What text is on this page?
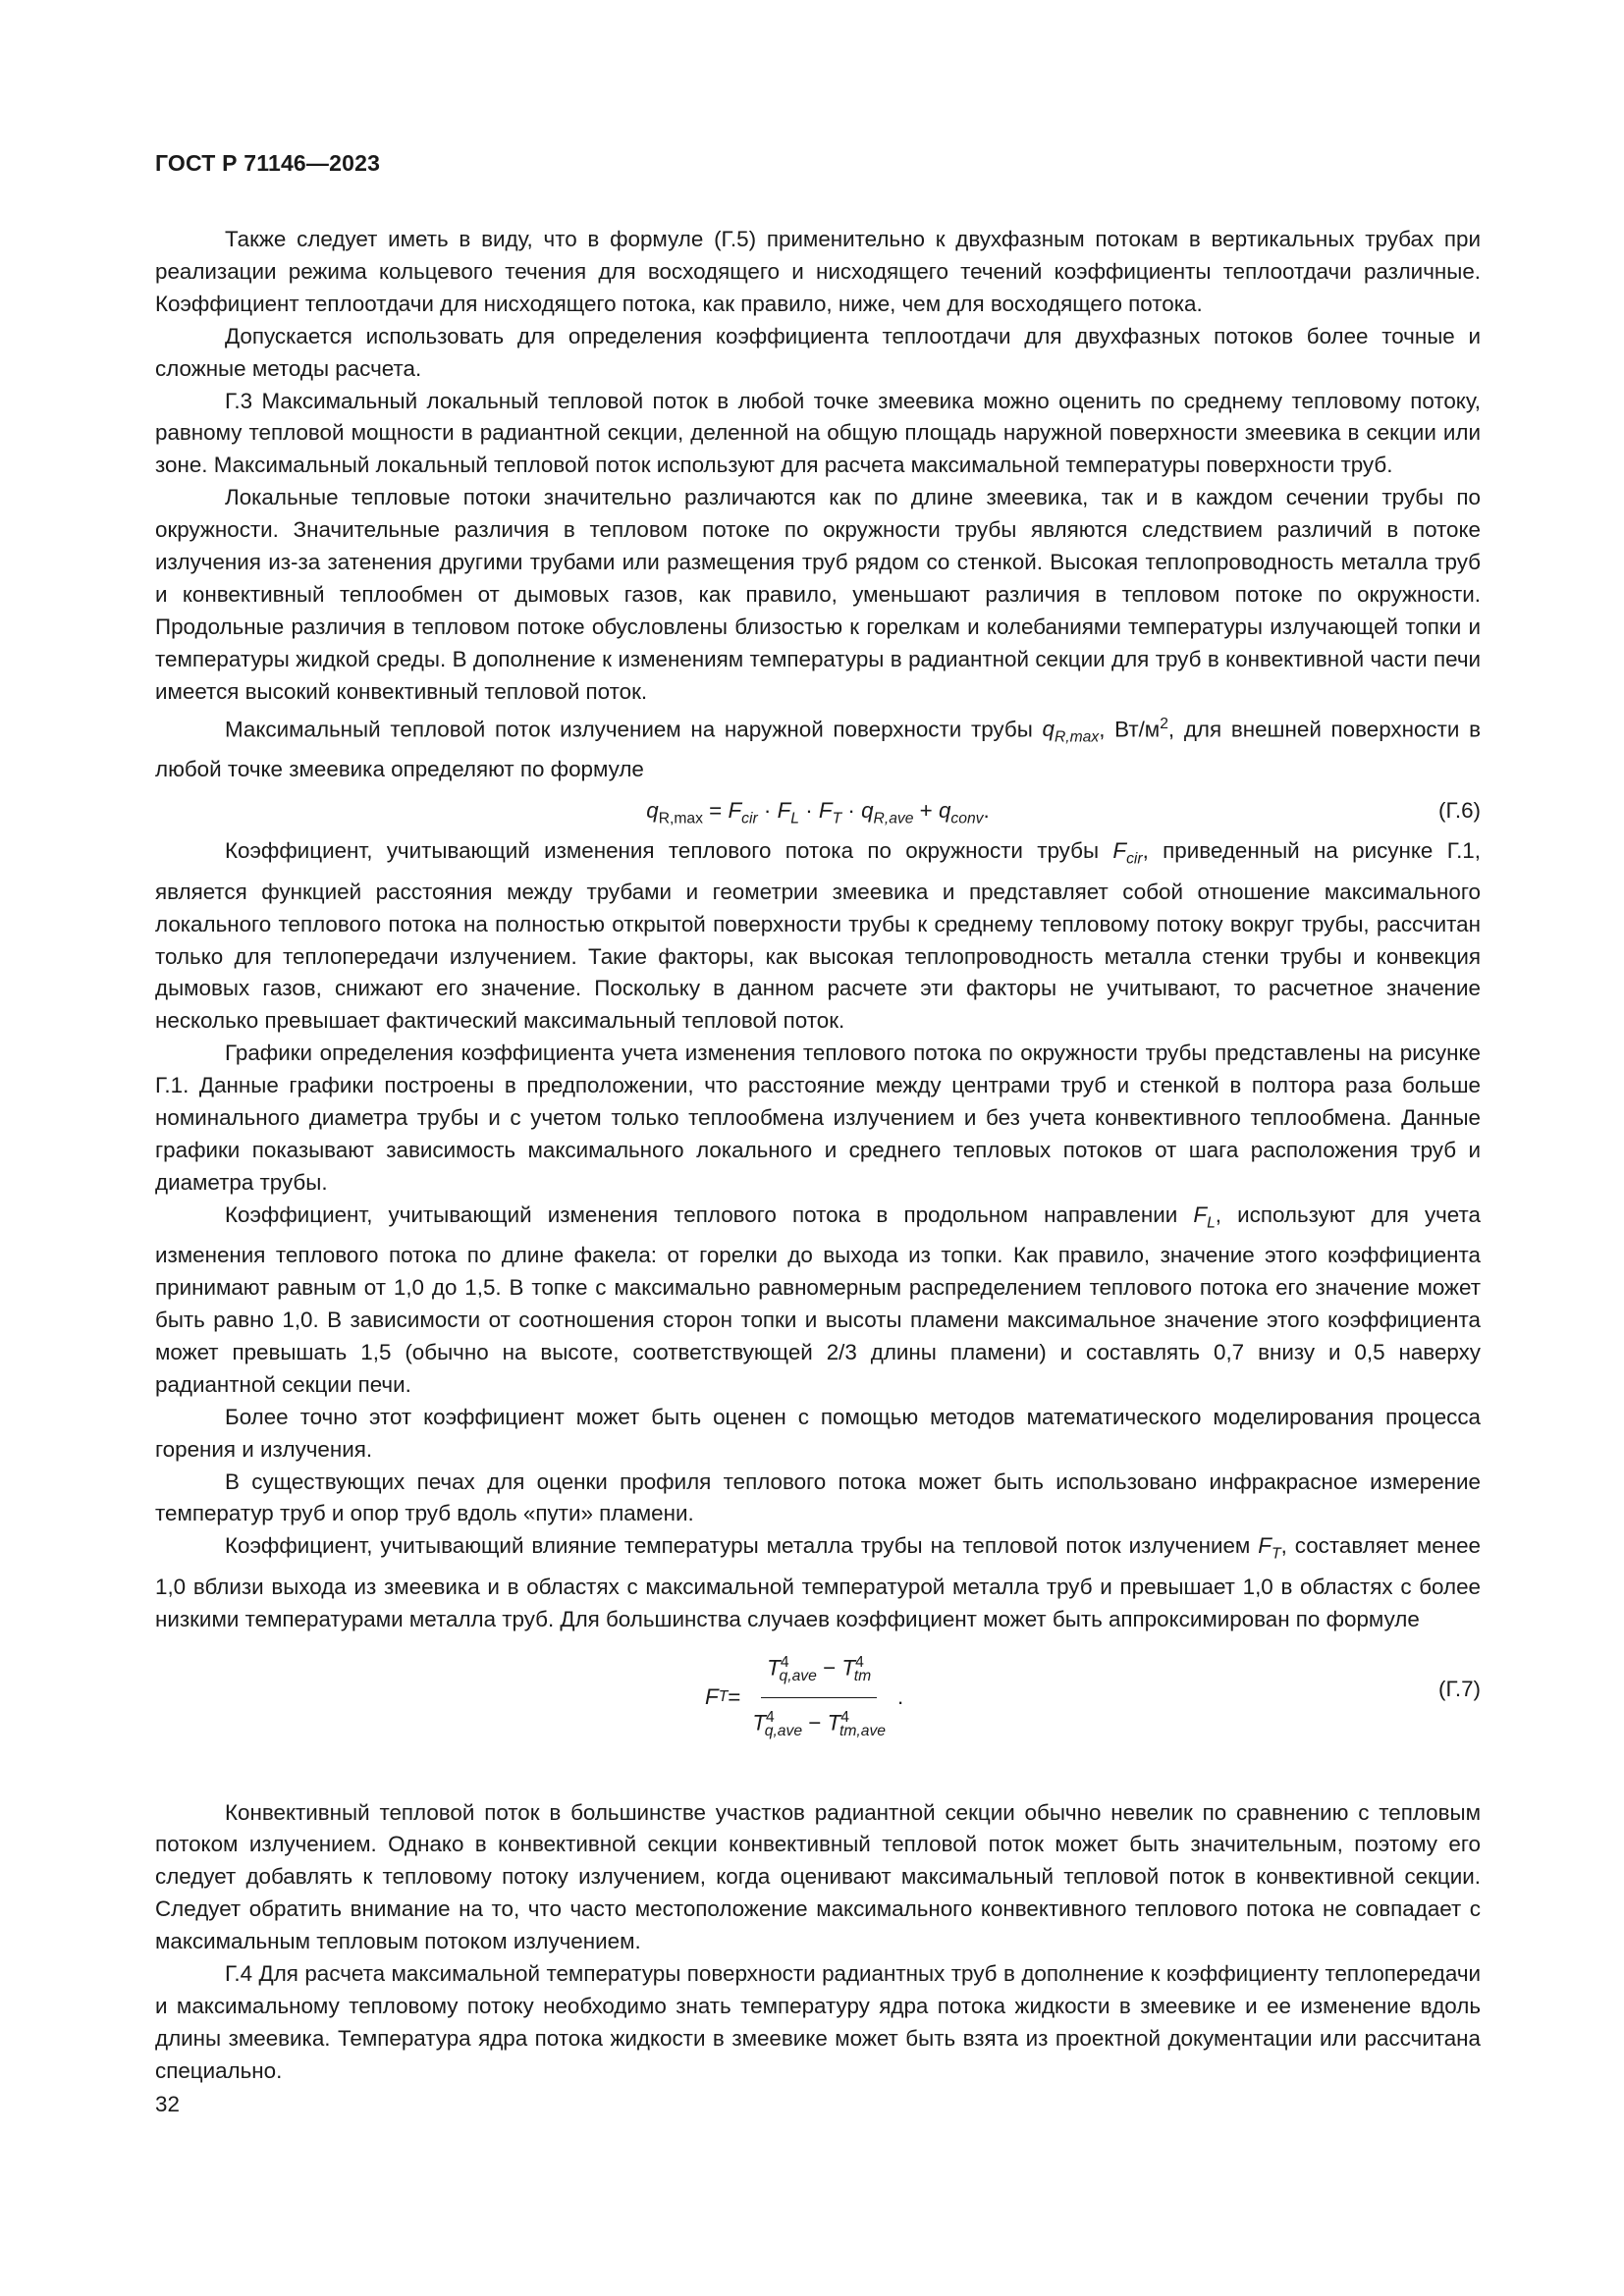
ГОСТ Р 71146—2023

Также следует иметь в виду, что в формуле (Г.5) применительно к двухфазным потокам в вертикальных трубах при реализации режима кольцевого течения для восходящего и нисходящего течений коэффициенты теплоотдачи различные. Коэффициент теплоотдачи для нисходящего потока, как правило, ниже, чем для восходящего потока.

Допускается использовать для определения коэффициента теплоотдачи для двухфазных потоков более точные и сложные методы расчета.

Г.3 Максимальный локальный тепловой поток в любой точке змеевика можно оценить по среднему тепловому потоку, равному тепловой мощности в радиантной секции, деленной на общую площадь наружной поверхности змеевика в секции или зоне. Максимальный локальный тепловой поток используют для расчета максимальной температуры поверхности труб.

Локальные тепловые потоки значительно различаются как по длине змеевика, так и в каждом сечении трубы по окружности. Значительные различия в тепловом потоке по окружности трубы являются следствием различий в потоке излучения из-за затенения другими трубами или размещения труб рядом со стенкой. Высокая теплопроводность металла труб и конвективный теплообмен от дымовых газов, как правило, уменьшают различия в тепловом потоке по окружности. Продольные различия в тепловом потоке обусловлены близостью к горелкам и колебаниями температуры излучающей топки и температуры жидкой среды. В дополнение к изменениям температуры в радиантной секции для труб в конвективной части печи имеется высокий конвективный тепловой поток.

Максимальный тепловой поток излучением на наружной поверхности трубы $q_{R,max}$, $Вт/м^2$, для внешней поверхности в любой точке змеевика определяют по формуле

$q_{R,max} = F_{cir} \cdot F_L \cdot F_T \cdot q_{R,ave} + q_{conv}$.	(Г.6)

Коэффициент, учитывающий изменения теплового потока по окружности трубы $F_{cir}$, приведенный на рисунке Г.1, является функцией расстояния между трубами и геометрии змеевика и представляет собой отношение максимального локального теплового потока на полностью открытой поверхности трубы к среднему тепловому потоку вокруг трубы, рассчитан только для теплопередачи излучением. Такие факторы, как высокая теплопроводность металла стенки трубы и конвекция дымовых газов, снижают его значение. Поскольку в данном расчете эти факторы не учитывают, то расчетное значение несколько превышает фактический максимальный тепловой поток.

Графики определения коэффициента учета изменения теплового потока по окружности трубы представлены на рисунке Г.1. Данные графики построены в предположении, что расстояние между центрами труб и стенкой в полтора раза больше номинального диаметра трубы и с учетом только теплообмена излучением и без учета конвективного теплообмена. Данные графики показывают зависимость максимального локального и среднего тепловых потоков от шага расположения труб и диаметра трубы.

Коэффициент, учитывающий изменения теплового потока в продольном направлении $F_L$, используют для учета изменения теплового потока по длине факела: от горелки до выхода из топки. Как правило, значение этого коэффициента принимают равным от 1,0 до 1,5. В топке с максимально равномерным распределением теплового потока его значение может быть равно 1,0. В зависимости от соотношения сторон топки и высоты пламени максимальное значение этого коэффициента может превышать 1,5 (обычно на высоте, соответствующей 2/3 длины пламени) и составлять 0,7 внизу и 0,5 наверху радиантной секции печи.

Более точно этот коэффициент может быть оценен с помощью методов математического моделирования процесса горения и излучения.

В существующих печах для оценки профиля теплового потока может быть использовано инфракрасное измерение температур труб и опор труб вдоль «пути» пламени.

Коэффициент, учитывающий влияние температуры металла трубы на тепловой поток излучением $F_T$, составляет менее 1,0 вблизи выхода из змеевика и в областях с максимальной температурой металла труб и превышает 1,0 в областях с более низкими температурами металла труб. Для большинства случаев коэффициент может быть аппроксимирован по формуле

F $T = \frac{T^4_{q,ave} - T^4_{tm}}{T^4_{q,ave} - T^4_{tm,ave}}$ .	(Г.7)

Конвективный тепловой поток в большинстве участков радиантной секции обычно невелик по сравнению с тепловым потоком излучением. Однако в конвективной секции конвективный тепловой поток может быть значительным, поэтому его следует добавлять к тепловому потоку излучением, когда оценивают максимальный тепловой поток в конвективной секции. Следует обратить внимание на то, что часто местоположение максимального конвективного теплового потока не совпадает с максимальным тепловым потоком излучением.

Г.4 Для расчета максимальной температуры поверхности радиантных труб в дополнение к коэффициенту теплопередачи и максимальному тепловому потоку необходимо знать температуру ядра потока жидкости в змеевике и ее изменение вдоль длины змеевика. Температура ядра потока жидкости в змеевике может быть взята из проектной документации или рассчитана специально.

32
